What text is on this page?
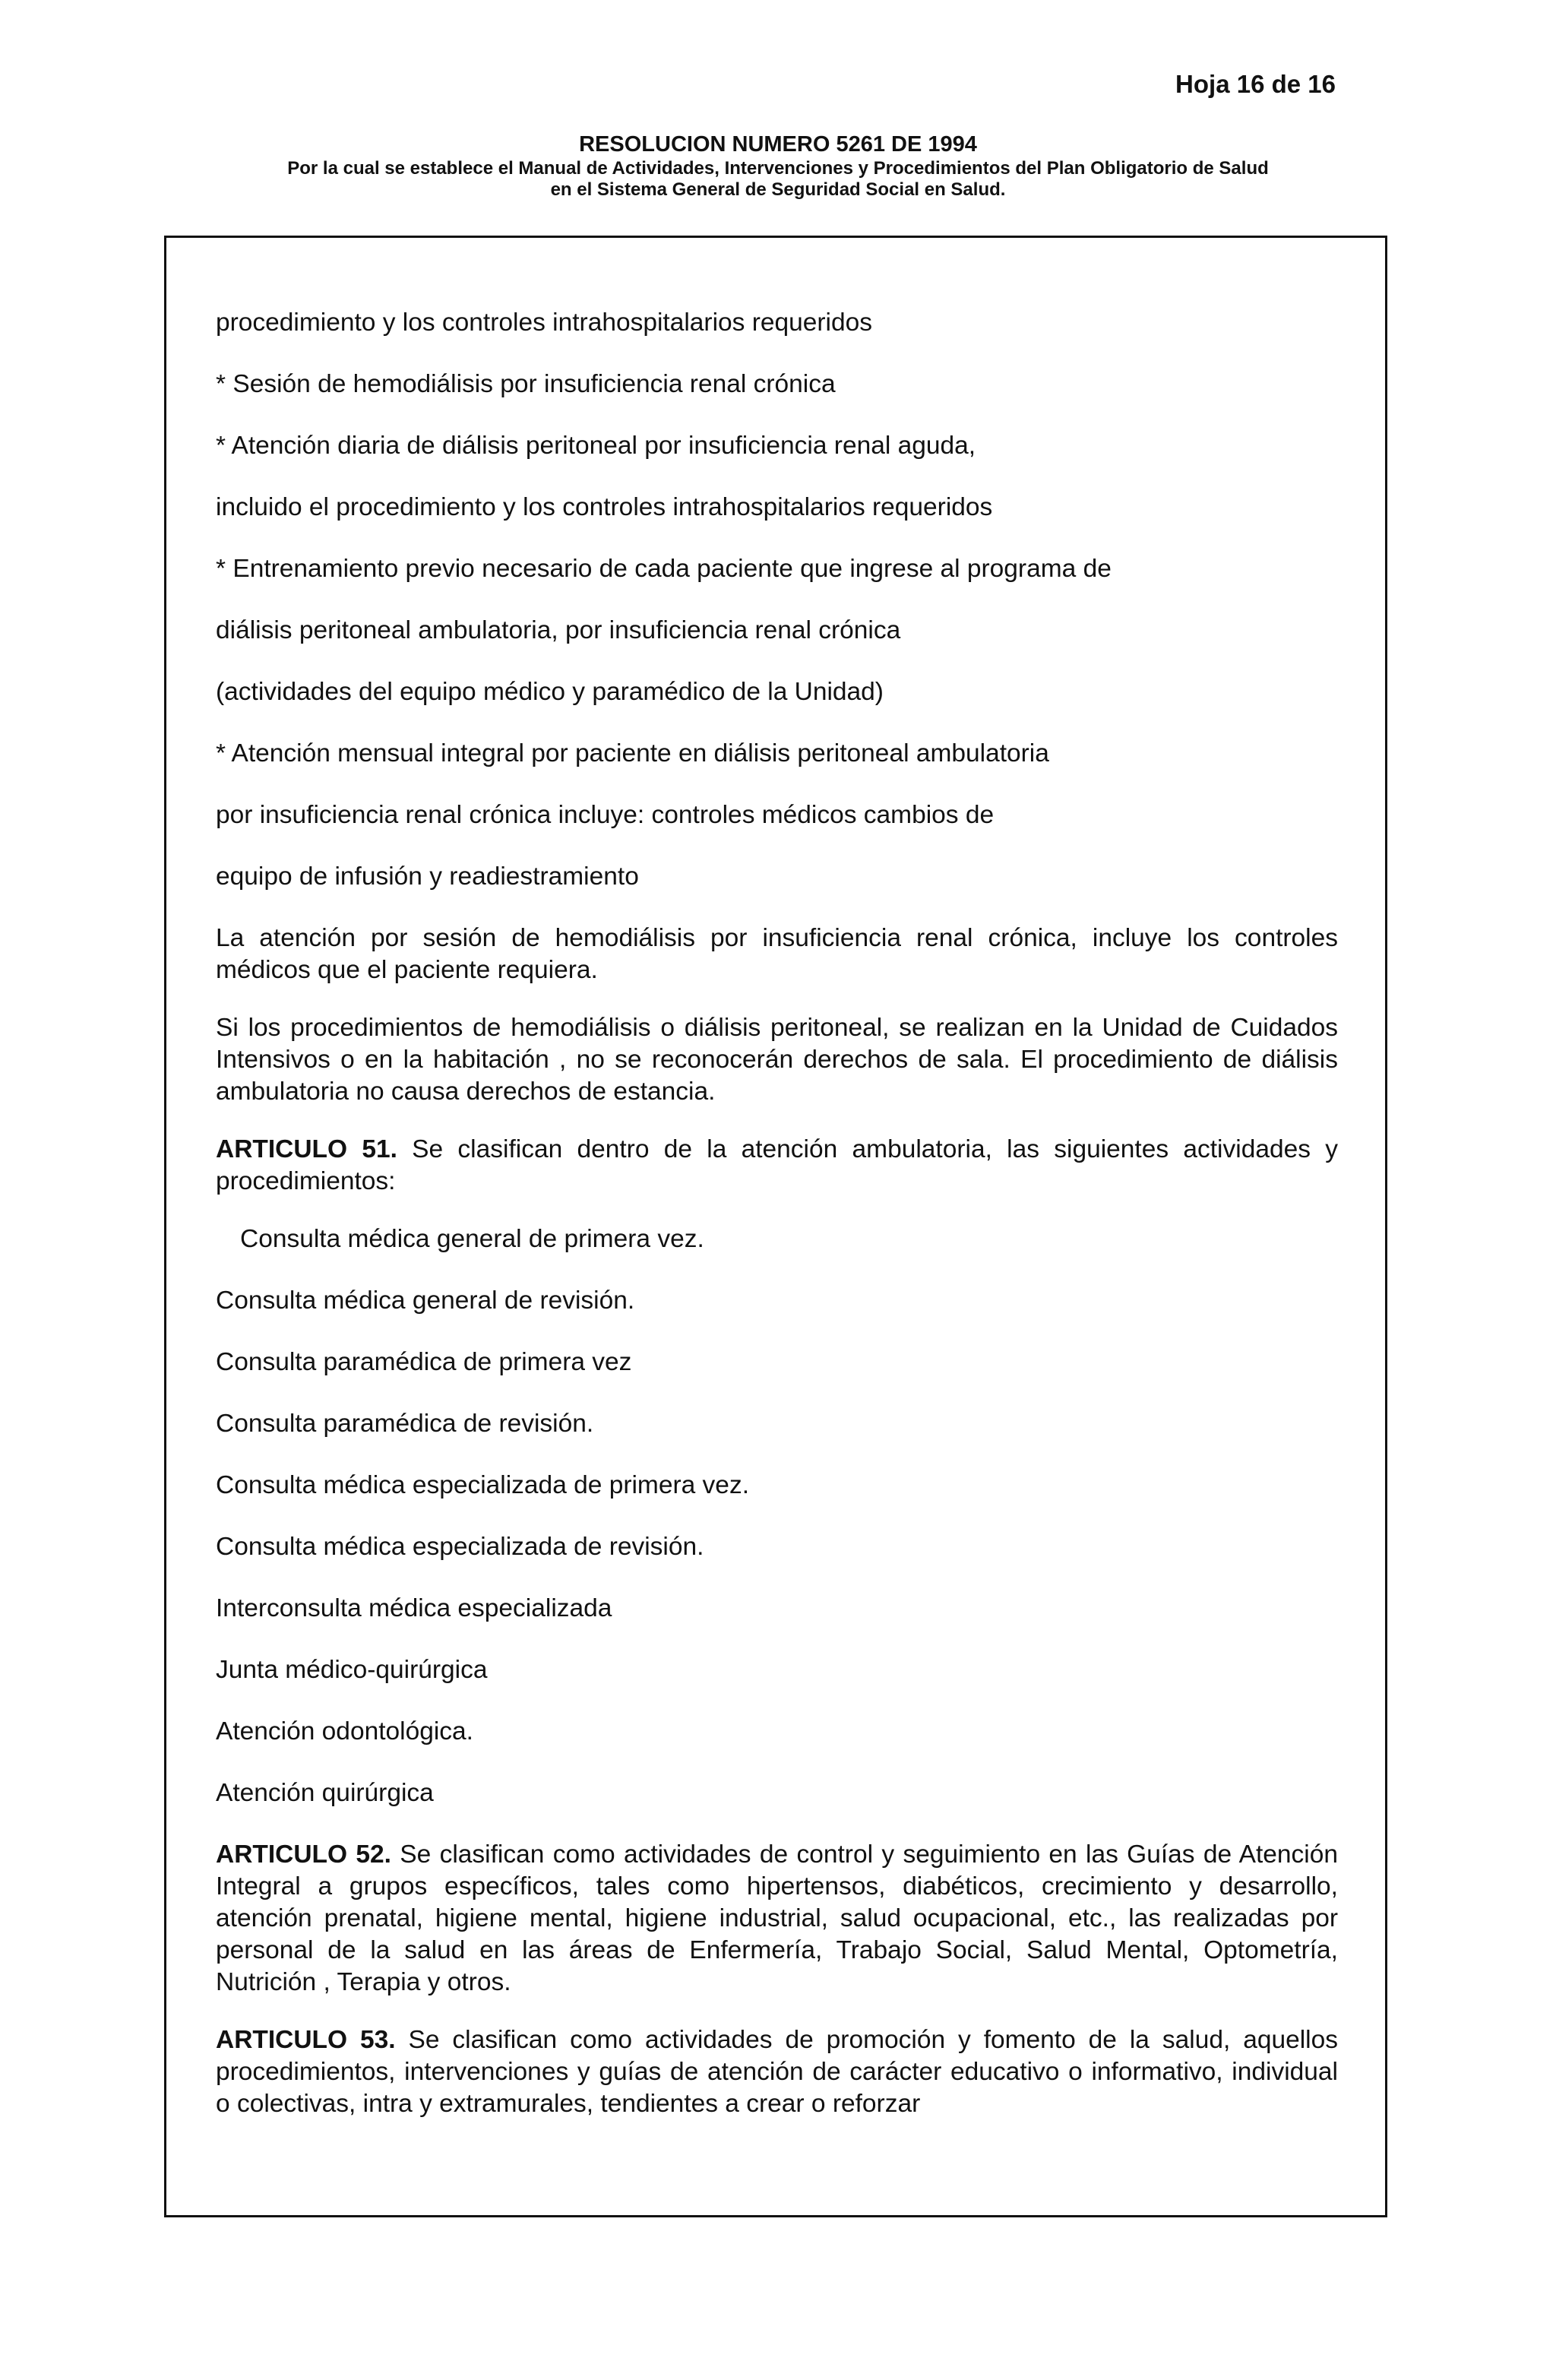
Hoja 16 de 16

RESOLUCION NUMERO 5261 DE 1994

Por la cual se establece el Manual de Actividades, Intervenciones y Procedimientos del Plan Obligatorio de Salud

en el Sistema General de Seguridad Social en Salud.

procedimiento y los controles intrahospitalarios requeridos

* Sesión de hemodiálisis por insuficiencia renal crónica

* Atención diaria de diálisis peritoneal por insuficiencia renal aguda,

incluido el procedimiento y los controles intrahospitalarios requeridos

* Entrenamiento previo necesario de cada paciente que ingrese al programa de

diálisis peritoneal ambulatoria, por insuficiencia renal crónica

(actividades del equipo médico y paramédico de la Unidad)

* Atención mensual integral por paciente en diálisis peritoneal ambulatoria

por insuficiencia renal crónica incluye: controles médicos cambios de

equipo de infusión y readiestramiento

La atención por sesión de hemodiálisis por insuficiencia renal crónica, incluye los controles médicos que el paciente requiera.

Si los procedimientos de hemodiálisis o diálisis peritoneal, se realizan en la Unidad de Cuidados Intensivos o en la habitación , no se reconocerán derechos de sala. El procedimiento de diálisis ambulatoria no causa derechos de estancia.

ARTICULO 51. Se clasifican dentro de la atención ambulatoria, las siguientes actividades y procedimientos:

Consulta médica general de primera vez.

Consulta médica general de revisión.

Consulta paramédica de primera vez

Consulta paramédica de revisión.

Consulta médica especializada de primera vez.

Consulta médica especializada de revisión.

Interconsulta médica especializada

Junta médico-quirúrgica

Atención odontológica.

Atención quirúrgica

ARTICULO 52. Se clasifican como actividades de control y seguimiento en las Guías de Atención Integral a grupos específicos, tales como hipertensos, diabéticos, crecimiento y desarrollo, atención prenatal, higiene mental, higiene industrial, salud ocupacional, etc., las realizadas por personal de la salud en las áreas de Enfermería, Trabajo Social, Salud Mental, Optometría, Nutrición , Terapia y otros.

ARTICULO 53. Se clasifican como actividades de promoción y fomento de la salud, aquellos procedimientos, intervenciones y guías de atención de carácter educativo o informativo, individual o colectivas, intra y extramurales, tendientes a crear o reforzar
